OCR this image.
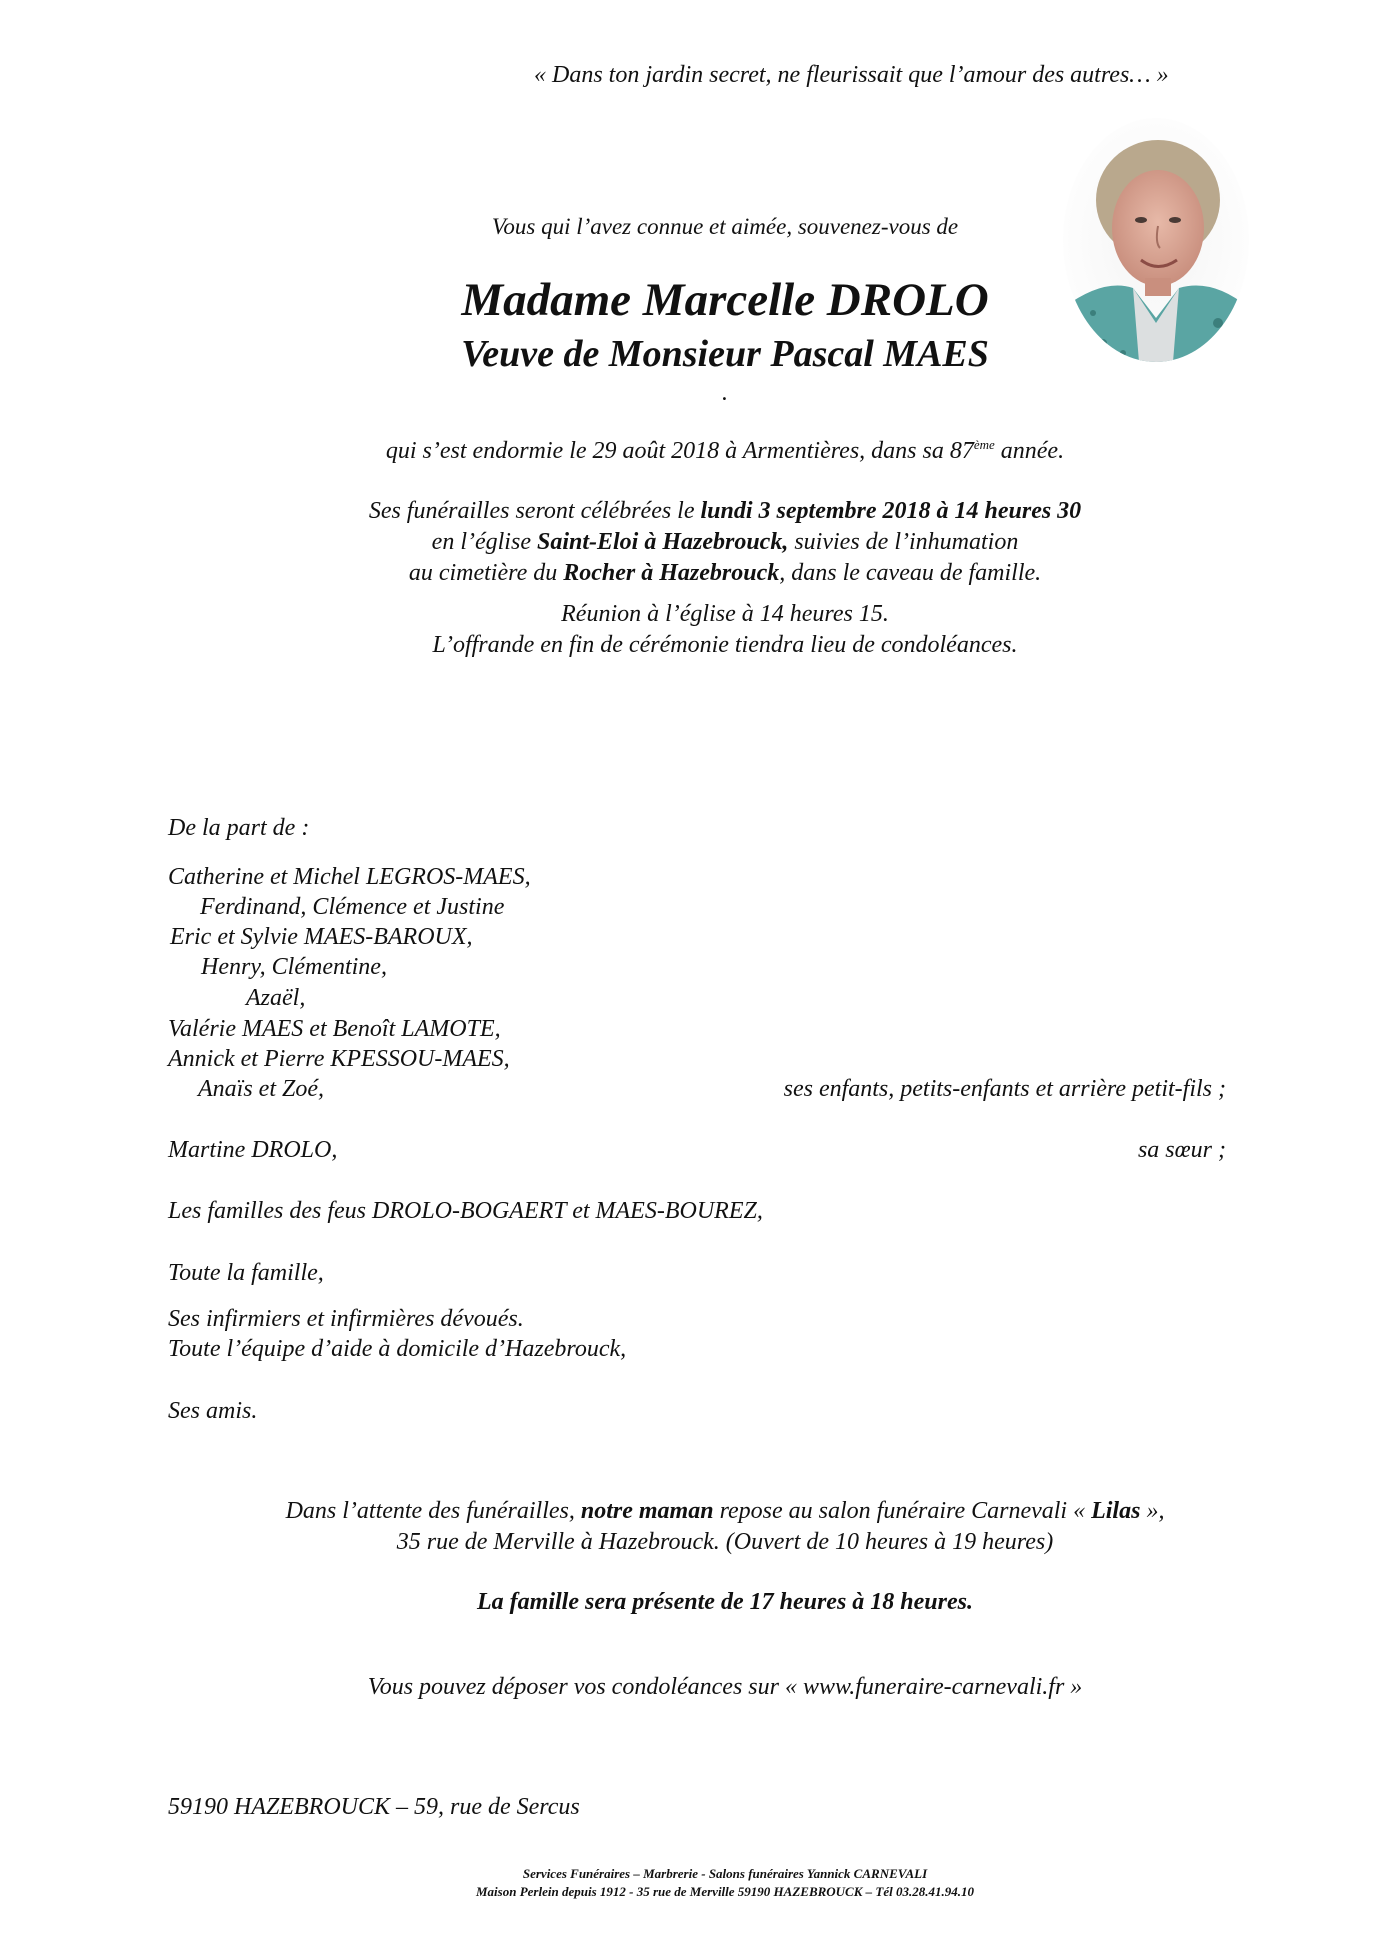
« Dans ton jardin secret, ne fleurissait que l’amour des autres… »
Vous qui l’avez connue et aimée, souvenez-vous de
Madame Marcelle DROLO
Veuve de Monsieur Pascal MAES
.
qui s’est endormie le 29 août 2018 à Armentières, dans sa 87ème année.
Ses funérailles seront célébrées le lundi 3 septembre 2018 à 14 heures 30
en l’église Saint-Eloi à Hazebrouck, suivies de l’inhumation
au cimetière du Rocher à Hazebrouck, dans le caveau de famille.
Réunion à l’église à 14 heures 15.
L’offrande en fin de cérémonie tiendra lieu de condoléances.
De la part de :
Catherine et Michel LEGROS-MAES,
Ferdinand, Clémence et Justine
Eric et Sylvie MAES-BAROUX,
Henry, Clémentine,
Azaël,
Valérie MAES et Benoît LAMOTE,
Annick et Pierre KPESSOU-MAES,
Anaïs et Zoé,	ses enfants, petits-enfants et arrière petit-fils ;
Martine DROLO,	sa sœur ;
Les familles des feus DROLO-BOGAERT et MAES-BOUREZ,
Toute la famille,
Ses infirmiers et infirmières dévoués.
Toute l’équipe d’aide à domicile d’Hazebrouck,
Ses amis.
Dans l’attente des funérailles, notre maman repose au salon funéraire Carnevali « Lilas »,
35 rue de Merville à Hazebrouck. (Ouvert de 10 heures à 19 heures)
La famille sera présente de 17 heures à 18 heures.
Vous pouvez déposer vos condoléances sur « www.funeraire-carnevali.fr »
59190 HAZEBROUCK – 59, rue de Sercus
Services Funéraires – Marbrerie - Salons funéraires Yannick CARNEVALI
Maison Perlein depuis 1912 - 35 rue de Merville 59190 HAZEBROUCK – Tél 03.28.41.94.10
